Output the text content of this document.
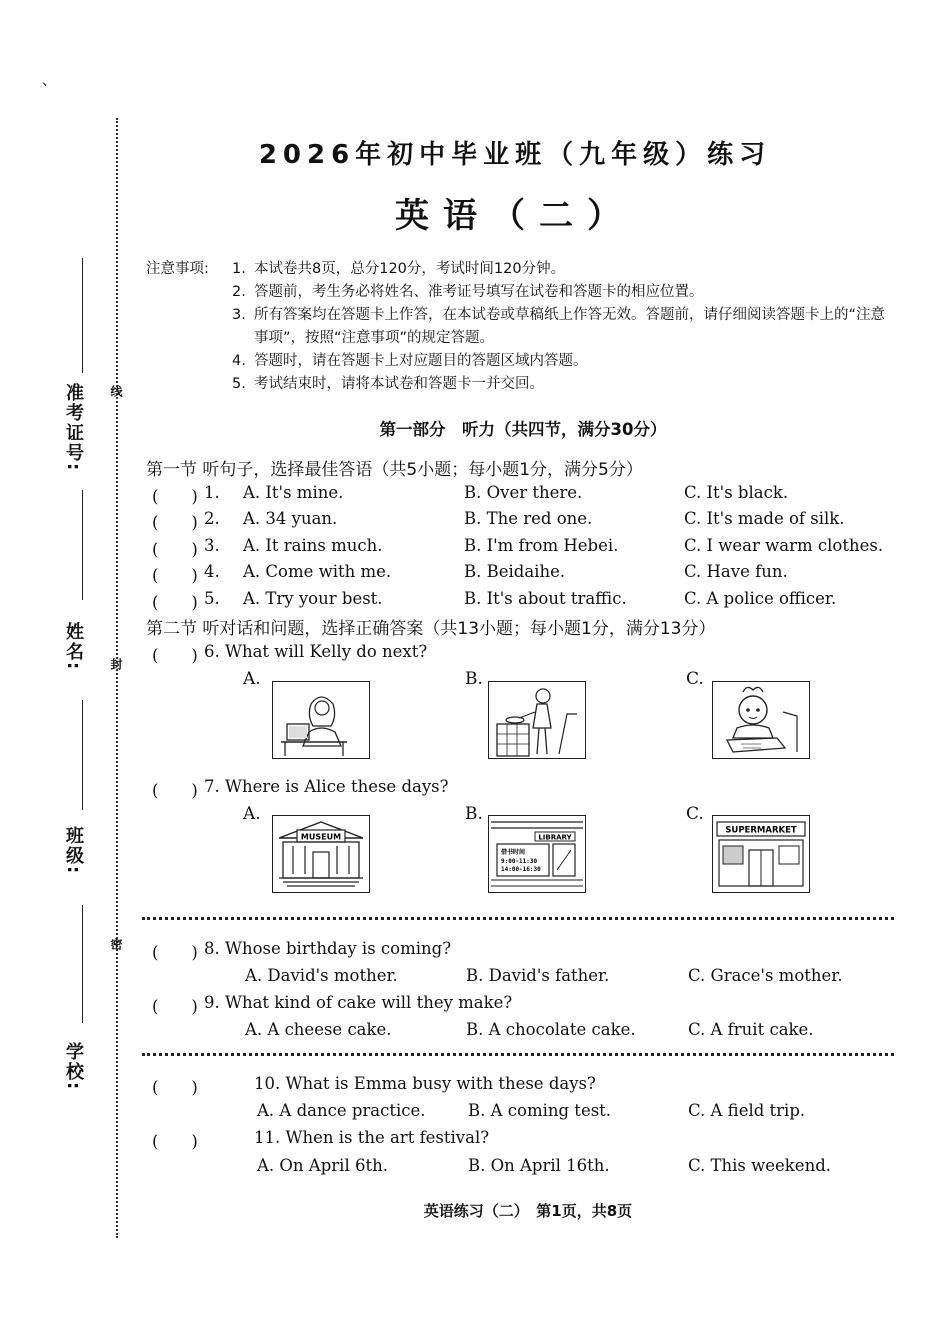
、
准考证号:
姓名:
班级:
学校:
线
封
密
2026年初中毕业班（九年级）练习
英语（二）
注意事项:	1. 本试卷共8页，总分120分，考试时间120分钟。
2. 答题前，考生务必将姓名、准考证号填写在试卷和答题卡的相应位置。
3. 所有答案均在答题卡上作答，在本试卷或草稿纸上作答无效。答题前，请仔细阅读答题卡上的“注意事项”，按照“注意事项”的规定答题。
4. 答题时，请在答题卡上对应题目的答题区域内答题。
5. 考试结束时，请将本试卷和答题卡一并交回。
第一部分　听力（共四节，满分30分）
第一节 听句子，选择最佳答语（共5小题；每小题1分，满分5分）
(　　) 1. A. It's mine.	B. Over there.	C. It's black.
(　　) 2. A. 34 yuan.	B. The red one.	C. It's made of silk.
(　　) 3. A. It rains much.	B. I'm from Hebei.	C. I wear warm clothes.
(　　) 4. A. Come with me.	B. Beidaihe.	C. Have fun.
(　　) 5. A. Try your best.	B. It's about traffic.	C. A police officer.
第二节 听对话和问题，选择正确答案（共13小题；每小题1分，满分13分）
(　　) 6. What will Kelly do next?
A.	B.	C.
(　　) 7. Where is Alice these days?
A.	B.	C.
MUSEUM	LIBRARY
借书时间
9:00-11:30
14:00-16:30
SUPERMARKET
(　　) 8. Whose birthday is coming?
A. David's mother.	B. David's father.	C. Grace's mother.
(　　) 9. What kind of cake will they make?
A. A cheese cake.	B. A chocolate cake.	C. A fruit cake.
(　　)	10. What is Emma busy with these days?
A. A dance practice.	B. A coming test.	C. A field trip.
(　　)	11. When is the art festival?
A. On April 6th.	B. On April 16th.	C. This weekend.
英语练习（二）　第1页，共8页
